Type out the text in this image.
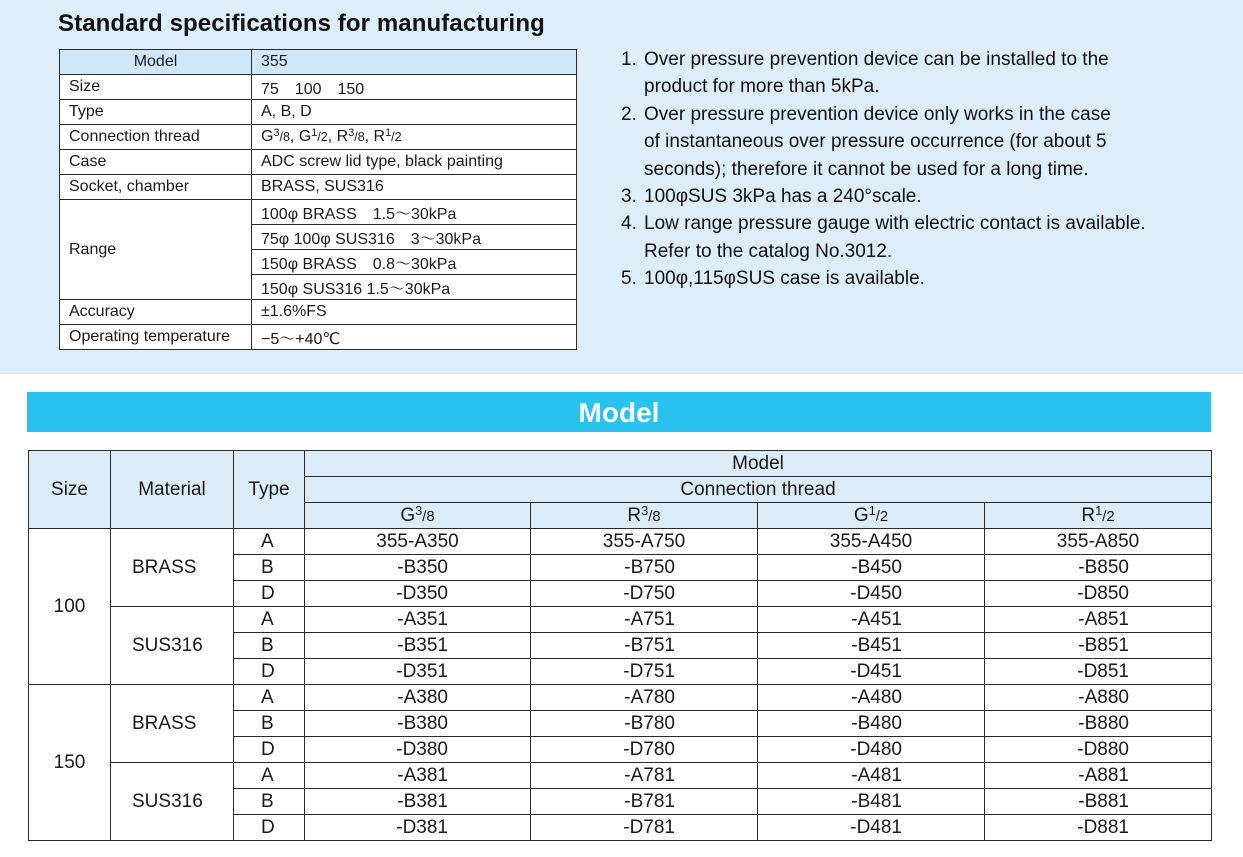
Standard specifications for manufacturing
Model	355
Size	75　100　150
Type	A, B, D
Connection thread	$G^3/8$, $G^1/2$, $R^3/8$, $R^1/2$
Case	ADC screw lid type, black painting
Socket, chamber	BRASS, SUS316
Range	100φ BRASS　1.5〜30kPa
	75φ 100φ SUS316　3〜30kPa
	150φ BRASS　0.8〜30kPa
	150φ SUS316 1.5〜30kPa
Accuracy	±1.6%FS
Operating temperature	−5〜+40℃
1. Over pressure prevention device can be installed to the
product for more than 5kPa.
2. Over pressure prevention device only works in the case
of instantaneous over pressure occurrence (for about 5
seconds); therefore it cannot be used for a long time.
3. 100φSUS 3kPa has a 240°scale.
4. Low range pressure gauge with electric contact is available.
Refer to the catalog No.3012.
5. 100φ,115φSUS case is available.
Model
Size	Material	Type	Model			
			Connection thread			
			$G^3/8$	$R^3/8$	$G^1/2$	$R^1/2$
100	BRASS	A	355-A350	355-A750	355-A450	355-A850
		B	-B350	-B750	-B450	-B850
		D	-D350	-D750	-D450	-D850
	SUS316	A	-A351	-A751	-A451	-A851
		B	-B351	-B751	-B451	-B851
		D	-D351	-D751	-D451	-D851
150	BRASS	A	-A380	-A780	-A480	-A880
		B	-B380	-B780	-B480	-B880
		D	-D380	-D780	-D480	-D880
	SUS316	A	-A381	-A781	-A481	-A881
		B	-B381	-B781	-B481	-B881
		D	-D381	-D781	-D481	-D881
